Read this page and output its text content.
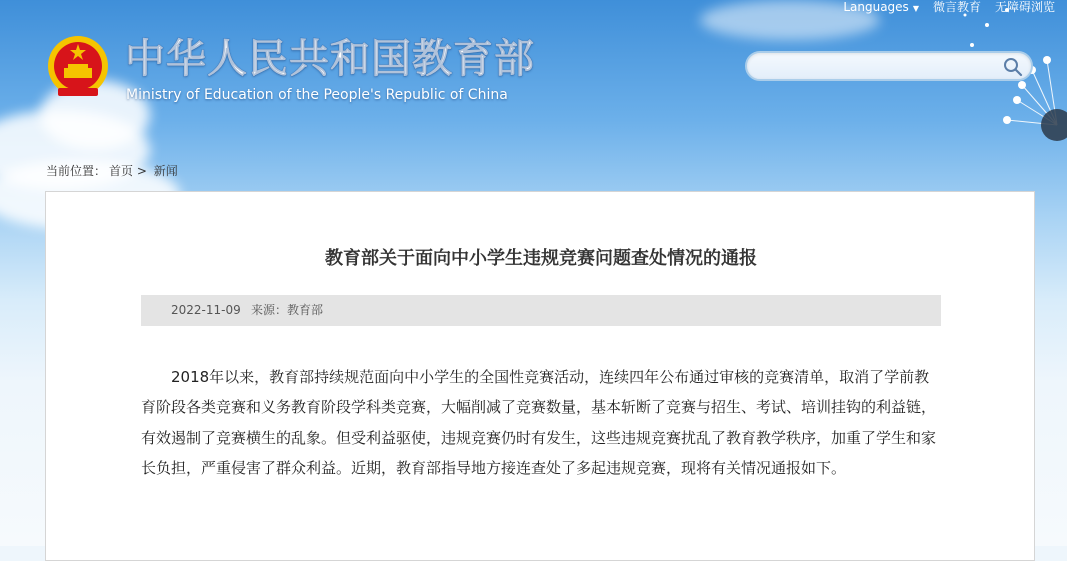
Languages ▼	微言教育 无障碍浏览
中华人民共和国教育部
Ministry of Education of the People's Republic of China
当前位置： 首页 > 新闻
教育部关于面向中小学生违规竞赛问题查处情况的通报
2022-11-09 来源： 教育部
2018年以来，教育部持续规范面向中小学生的全国性竞赛活动，连续四年公布通过审核的竞赛清单，取消了学前教育阶段各类竞赛和义务教育阶段学科类竞赛，大幅削减了竞赛数量，基本斩断了竞赛与招生、考试、培训挂钩的利益链，有效遏制了竞赛横生的乱象。但受利益驱使，违规竞赛仍时有发生，这些违规竞赛扰乱了教育教学秩序，加重了学生和家长负担，严重侵害了群众利益。近期，教育部指导地方接连查处了多起违规竞赛，现将有关情况通报如下。
